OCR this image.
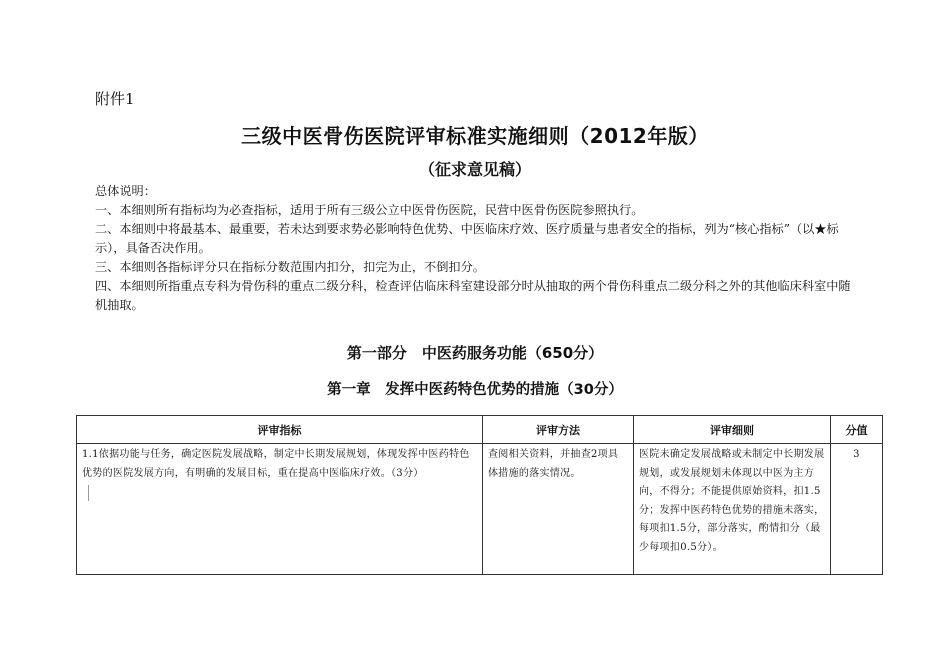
附件1
三级中医骨伤医院评审标准实施细则（2012年版）
（征求意见稿）

总体说明：

一、本细则所有指标均为必查指标，适用于所有三级公立中医骨伤医院，民营中医骨伤医院参照执行。

二、本细则中将最基本、最重要，若未达到要求势必影响特色优势、中医临床疗效、医疗质量与患者安全的指标，列为“核心指标”（以★标示），具备否决作用。

三、本细则各指标评分只在指标分数范围内扣分，扣完为止，不倒扣分。

四、本细则所指重点专科为骨伤科的重点二级分科，检查评估临床科室建设部分时从抽取的两个骨伤科重点二级分科之外的其他临床科室中随机抽取。

第一部分　中医药服务功能（650分）
第一章　发挥中医药特色优势的措施（30分）
评审指标	评审方法	评审细则	分值
1.1依据功能与任务，确定医院发展战略，制定中长期发展规划，体现发挥中医药特色优势的医院发展方向，有明确的发展目标，重在提高中医临床疗效。（3分）	查阅相关资料，并抽查2项具体措施的落实情况。	医院未确定发展战略或未制定中长期发展规划，或发展规划未体现以中医为主方向，不得分；不能提供原始资料，扣1.5分；发挥中医药特色优势的措施未落实，每项扣1.5分，部分落实，酌情扣分（最少每项扣0.5分）。	3
